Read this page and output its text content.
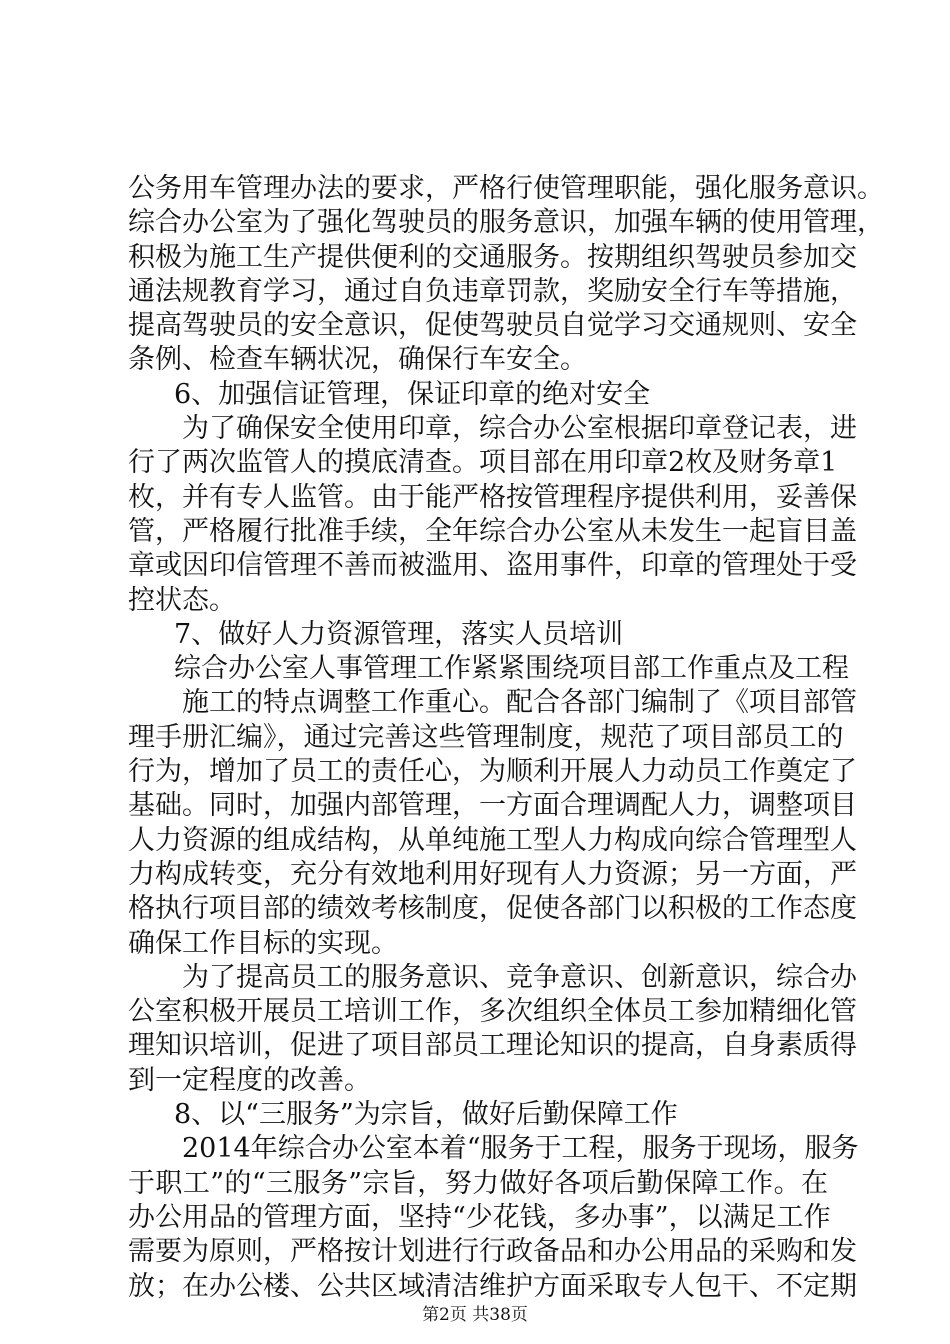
公务用车管理办法的要求，严格行使管理职能，强化服务意识。
综合办公室为了强化驾驶员的服务意识，加强车辆的使用管理，
积极为施工生产提供便利的交通服务。按期组织驾驶员参加交
通法规教育学习，通过自负违章罚款，奖励安全行车等措施，
提高驾驶员的安全意识，促使驾驶员自觉学习交通规则、安全
条例、检查车辆状况，确保行车安全。
6、加强信证管理，保证印章的绝对安全
为了确保安全使用印章，综合办公室根据印章登记表，进
行了两次监管人的摸底清查。项目部在用印章2枚及财务章1
枚，并有专人监管。由于能严格按管理程序提供利用，妥善保
管，严格履行批准手续，全年综合办公室从未发生一起盲目盖
章或因印信管理不善而被滥用、盗用事件，印章的管理处于受
控状态。
7、做好人力资源管理，落实人员培训
综合办公室人事管理工作紧紧围绕项目部工作重点及工程
施工的特点调整工作重心。配合各部门编制了《项目部管
理手册汇编》，通过完善这些管理制度，规范了项目部员工的
行为，增加了员工的责任心，为顺利开展人力动员工作奠定了
基础。同时，加强内部管理，一方面合理调配人力，调整项目
人力资源的组成结构，从单纯施工型人力构成向综合管理型人
力构成转变，充分有效地利用好现有人力资源；另一方面，严
格执行项目部的绩效考核制度，促使各部门以积极的工作态度
确保工作目标的实现。
为了提高员工的服务意识、竞争意识、创新意识，综合办
公室积极开展员工培训工作，多次组织全体员工参加精细化管
理知识培训，促进了项目部员工理论知识的提高，自身素质得
到一定程度的改善。
8、以“三服务”为宗旨，做好后勤保障工作
2014年综合办公室本着“服务于工程，服务于现场，服务
于职工”的“三服务”宗旨，努力做好各项后勤保障工作。在
办公用品的管理方面，坚持“少花钱，多办事”，以满足工作
需要为原则，严格按计划进行行政备品和办公用品的采购和发
放；在办公楼、公共区域清洁维护方面采取专人包干、不定期
第2页 共38页
